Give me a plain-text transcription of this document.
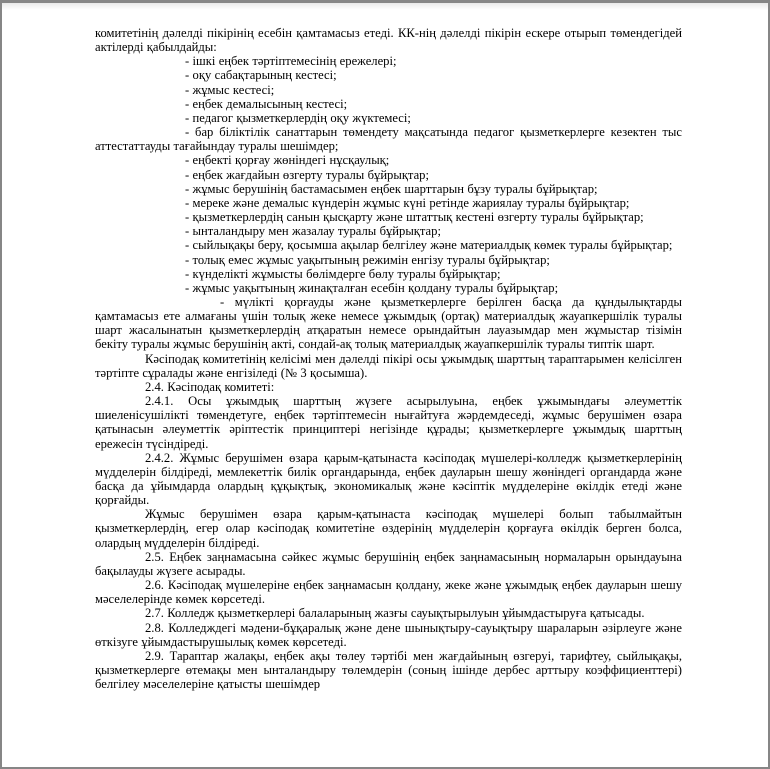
комитетінің дәлелді пікірінің есебін қамтамасыз етеді. КК-нің дәлелді пікірін ескере отырып төмендегідей актілерді қабылдайды:

- ішкі еңбек тәртіптемесінің ережелері;

- оқу сабақтарының кестесі;

- жұмыс кестесі;

- еңбек демалысының кестесі;

- педагог қызметкерлердің оқу жүктемесі;

- бар біліктілік санаттарын төмендету мақсатында педагог қызметкерлерге кезектен тыс аттестаттауды тағайындау туралы шешімдер;

- еңбекті қорғау жөніндегі нұсқаулық;

- еңбек жағдайын өзгерту туралы бұйрықтар;

- жұмыс берушінің бастамасымен еңбек шарттарын бұзу туралы бұйрықтар;

- мереке және демалыс күндерін жұмыс күні ретінде жариялау туралы бұйрықтар;

- қызметкерлердің санын қысқарту және штаттық кестені өзгерту туралы бұйрықтар;

- ынталандыру мен жазалау туралы бұйрықтар;

- сыйлықақы беру, қосымша ақылар белгілеу және материалдық көмек туралы бұйрықтар;

- толық емес жұмыс уақытының режимін енгізу туралы бұйрықтар;

- күнделікті жұмысты бөлімдерге бөлу туралы бұйрықтар;

- жұмыс уақытының жинақталған есебін қолдану туралы бұйрықтар;

- мүлікті қорғауды және қызметкерлерге берілген басқа да құндылықтарды қамтамасыз ете алмағаны үшін толық жеке немесе ұжымдық (ортақ) материалдық жауапкершілік туралы шарт жасалынатын қызметкерлердің атқаратын немесе орындайтын лауазымдар мен жұмыстар тізімін бекіту туралы жұмыс берушінің акті, сондай-ақ толық материалдық жауапкершілік туралы типтік шарт.

Кәсіподақ комитетінің келісімі мен дәлелді пікірі осы ұжымдық шарттың тараптарымен келісілген тәртіпте сұралады және енгізіледі (№ 3 қосымша).

2.4. Кәсіподақ комитеті:

2.4.1. Осы ұжымдық шарттың жүзеге асырылуына, еңбек ұжымындағы әлеуметтік шиеленісушілікті төмендетуге, еңбек тәртіптемесін нығайтуға жәрдемдеседі, жұмыс берушімен өзара қатынасын әлеуметтік әріптестік принциптері негізінде құрады; қызметкерлерге ұжымдық шарттың ережесін түсіндіреді.

2.4.2. Жұмыс берушімен өзара қарым-қатынаста кәсіподақ мүшелері-колледж қызметкерлерінің мүдделерін білдіреді, мемлекеттік билік органдарында, еңбек дауларын шешу жөніндегі органдарда және басқа да ұйымдарда олардың құқықтық, экономикалық және кәсіптік мүдделеріне өкілдік етеді және қорғайды.

Жұмыс берушімен өзара қарым-қатынаста кәсіподақ мүшелері болып табылмайтын қызметкерлердің, егер олар кәсіподақ комитетіне өздерінің мүдделерін қорғауға өкілдік берген болса, олардың мүдделерін білдіреді.

2.5. Еңбек заңнамасына сәйкес жұмыс берушінің еңбек заңнамасының нормаларын орындауына бақылауды жүзеге асырады.

2.6. Кәсіподақ мүшелеріне еңбек заңнамасын қолдану, жеке және ұжымдық еңбек дауларын шешу мәселелерінде көмек көрсетеді.

2.7. Колледж қызметкерлері балаларының жазғы сауықтырылуын ұйымдастыруға қатысады.

2.8. Колледждегі мәдени-бұқаралық және дене шынықтыру-сауықтыру шараларын әзірлеуге және өткізуге ұйымдастырушылық көмек көрсетеді.

2.9. Тараптар жалақы, еңбек ақы төлеу тәртібі мен жағдайының өзгеруі, тарифтеу, сыйлықақы, қызметкерлерге өтемақы мен ынталандыру төлемдерін (соның ішінде дербес арттыру коэффициенттері) белгілеу мәселелеріне қатысты шешімдер
